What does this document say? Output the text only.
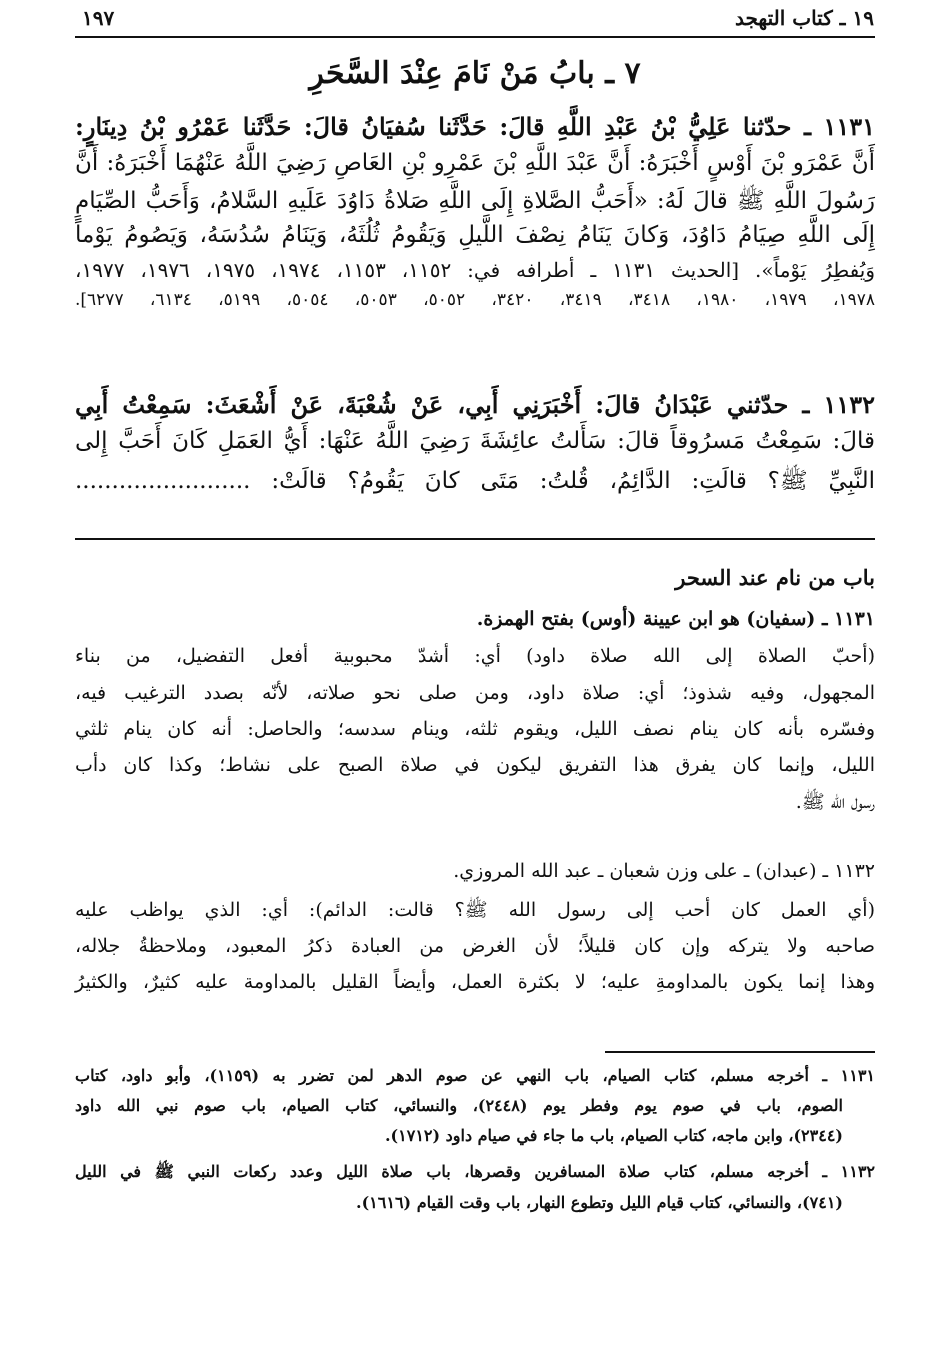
١٩٧	١٩ ـ كتاب التهجد
٧ ـ بابُ مَنْ نَامَ عِنْدَ السَّحَرِ
١١٣١ ـ حدّثنا عَلِيُّ بْنُ عَبْدِ اللَّهِ قالَ: حَدَّثَنا سُفيَانُ قالَ: حَدَّثَنا عَمْرُو بْنُ دِينَارٍ:
أَنَّ عَمْرَو بْنَ أَوْسٍ أَخْبَرَهُ: أَنَّ عَبْدَ اللَّهِ بْنَ عَمْرِو بْنِ العَاصِ رَضِيَ اللَّهُ عَنْهُمَا أَخْبَرَهُ: أَنَّ
رَسُولَ اللَّهِ ﷺ قالَ لَهُ: «أَحَبُّ الصَّلاةِ إِلَى اللَّهِ صَلاةُ دَاوُدَ عَلَيهِ السَّلامُ، وَأَحَبُّ الصِّيَامِ
إِلَى اللَّهِ صِيَامُ دَاوُدَ، وَكانَ يَنَامُ نِصْفَ اللَّيلِ وَيَقُومُ ثُلُثَهُ، وَيَنَامُ سُدُسَهُ، وَيَصُومُ يَوْماً
وَيُفطِرُ يَوْماً». [الحديث ١١٣١ ـ أطرافه في: ١١٥٢، ١١٥٣، ١٩٧٤، ١٩٧٥، ١٩٧٦، ١٩٧٧،
١٩٧٨، ١٩٧٩، ١٩٨٠، ٣٤١٨، ٣٤١٩، ٣٤٢٠، ٥٠٥٢، ٥٠٥٣، ٥٠٥٤، ٥١٩٩، ٦١٣٤، ٦٢٧٧].
١١٣٢ ـ حدّثني عَبْدَانُ قالَ: أَخْبَرَنِي أَبِي، عَنْ شُعْبَةَ، عَنْ أَشْعَثَ: سَمِعْتُ أَبِي
قالَ: سَمِعْتُ مَسرُوقاً قالَ: سَأَلتُ عائِشَةَ رَضِيَ اللَّهُ عَنْهَا: أَيُّ العَمَلِ كَانَ أَحَبَّ إِلى
النَّبِيِّ ﷺ؟ قالَتِ: الدَّائِمُ، قُلتُ: مَتَى كانَ يَقُومُ؟ قالَتْ: ........................
باب من نام عند السحر
١١٣١ ـ (سفيان) هو ابن عيينة (أوس) بفتح الهمزة.
(أحبّ الصلاة إلى الله صلاة داود) أي: أشدّ محبوبية أفعل التفضيل، من بناء
المجهول، وفيه شذوذ؛ أي: صلاة داود، ومن صلى نحو صلاته، لأنّه بصدد الترغيب فيه،
وفسّره بأنه كان ينام نصف الليل، ويقوم ثلثه، وينام سدسه؛ والحاصل: أنه كان ينام ثلثي
الليل، وإنما كان يفرق هذا التفريق ليكون في صلاة الصبح على نشاط؛ وكذا كان دأب
رسول الله ﷺ.
١١٣٢ ـ (عبدان) ـ على وزن شعبان ـ عبد الله المروزي.
(أي العمل كان أحب إلى رسول الله ﷺ؟ قالت: الدائم): أي: الذي يواظب عليه
صاحبه ولا يتركه وإن كان قليلاً؛ لأن الغرض من العبادة ذكرُ المعبود، وملاحظةُ جلاله،
وهذا إنما يكون بالمداومةِ عليه؛ لا بكثرة العمل، وأيضاً القليل بالمداومة عليه كثيرٌ، والكثيرُ
١١٣١ ـ أخرجه مسلم، كتاب الصيام، باب النهي عن صوم الدهر لمن تضرر به (١١٥٩)، وأبو داود، كتاب
الصوم، باب في صوم يوم وفطر يوم (٢٤٤٨)، والنسائي، كتاب الصيام، باب صوم نبي الله داود
(٢٣٤٤)، وابن ماجه، كتاب الصيام، باب ما جاء في صيام داود (١٧١٢).
١١٣٢ ـ أخرجه مسلم، كتاب صلاة المسافرين وقصرها، باب صلاة الليل وعدد ركعات النبي ﷺ في الليل
(٧٤١)، والنسائي، كتاب قيام الليل وتطوع النهار، باب وقت القيام (١٦١٦).
